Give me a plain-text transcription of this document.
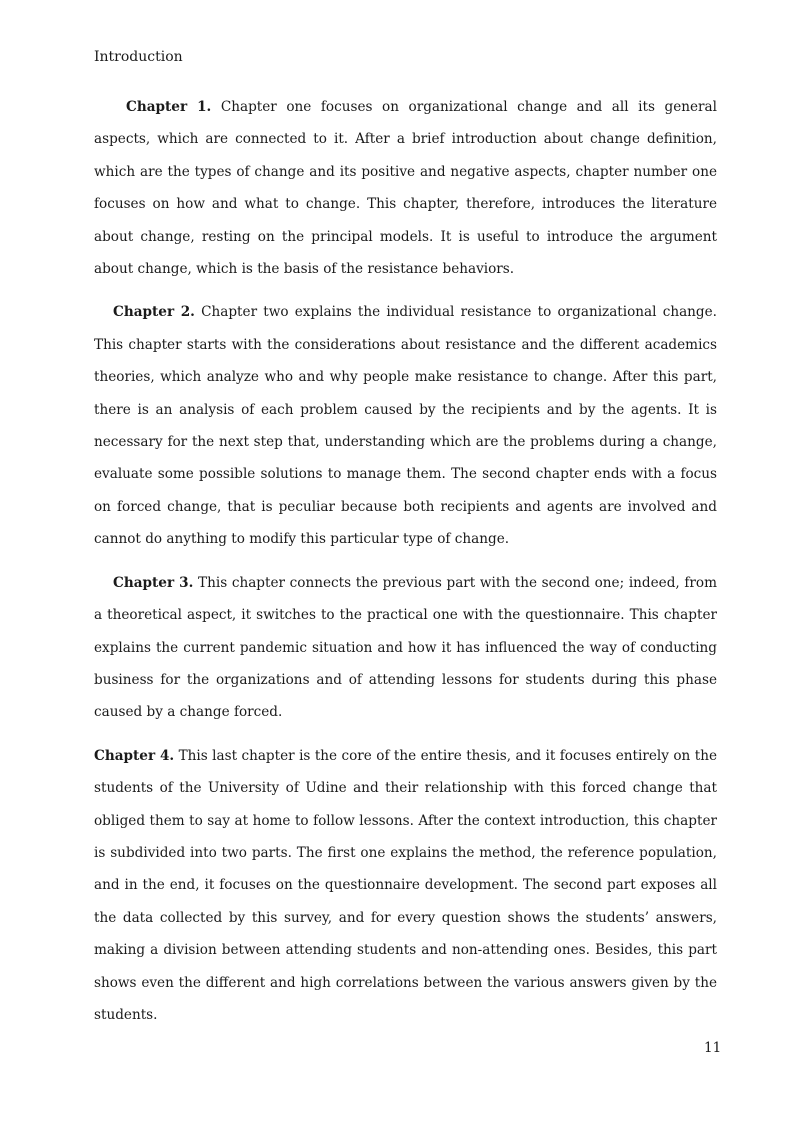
Introduction

Chapter 1. Chapter one focuses on organizational change and all its general aspects, which are connected to it. After a brief introduction about change definition, which are the types of change and its positive and negative aspects, chapter number one focuses on how and what to change. This chapter, therefore, introduces the literature about change, resting on the principal models. It is useful to introduce the argument about change, which is the basis of the resistance behaviors.

Chapter 2. Chapter two explains the individual resistance to organizational change. This chapter starts with the considerations about resistance and the different academics theories, which analyze who and why people make resistance to change. After this part, there is an analysis of each problem caused by the recipients and by the agents. It is necessary for the next step that, understanding which are the problems during a change, evaluate some possible solutions to manage them. The second chapter ends with a focus on forced change, that is peculiar because both recipients and agents are involved and cannot do anything to modify this particular type of change.

Chapter 3. This chapter connects the previous part with the second one; indeed, from a theoretical aspect, it switches to the practical one with the questionnaire. This chapter explains the current pandemic situation and how it has influenced the way of conducting business for the organizations and of attending lessons for students during this phase caused by a change forced.

Chapter 4. This last chapter is the core of the entire thesis, and it focuses entirely on the students of the University of Udine and their relationship with this forced change that obliged them to say at home to follow lessons. After the context introduction, this chapter is subdivided into two parts. The first one explains the method, the reference population, and in the end, it focuses on the questionnaire development. The second part exposes all the data collected by this survey, and for every question shows the students’ answers, making a division between attending students and non-attending ones. Besides, this part shows even the different and high correlations between the various answers given by the students.

11
